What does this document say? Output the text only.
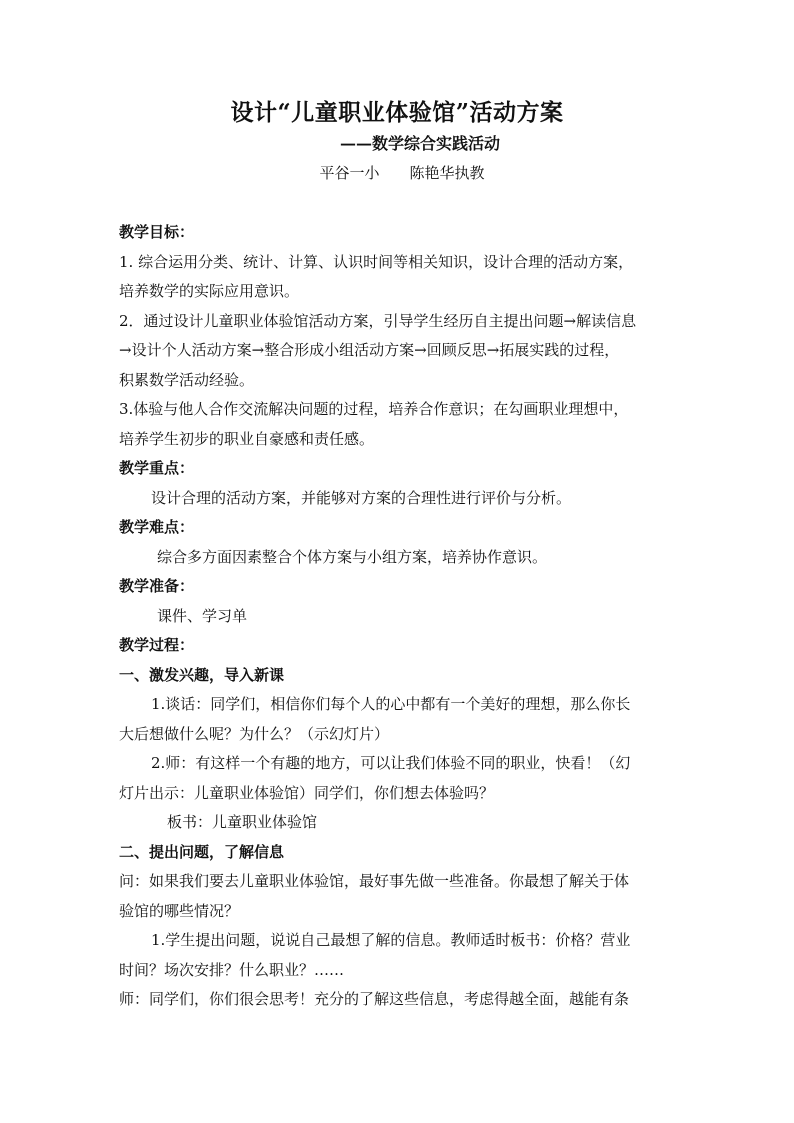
设计“儿童职业体验馆”活动方案
——数学综合实践活动
平谷一小 陈艳华执教
教学目标：
1. 综合运用分类、统计、计算、认识时间等相关知识，设计合理的活动方案，
培养数学的实际应用意识。
2．通过设计儿童职业体验馆活动方案，引导学生经历自主提出问题→解读信息
→设计个人活动方案→整合形成小组活动方案→回顾反思→拓展实践的过程，
积累数学活动经验。
3.体验与他人合作交流解决问题的过程，培养合作意识；在勾画职业理想中，
培养学生初步的职业自豪感和责任感。
教学重点：
设计合理的活动方案，并能够对方案的合理性进行评价与分析。
教学难点：
综合多方面因素整合个体方案与小组方案，培养协作意识。
教学准备：
课件、学习单
教学过程：
一、激发兴趣，导入新课
1.谈话：同学们，相信你们每个人的心中都有一个美好的理想，那么你长
大后想做什么呢？为什么？（示幻灯片）
2.师：有这样一个有趣的地方，可以让我们体验不同的职业，快看！（幻
灯片出示：儿童职业体验馆）同学们，你们想去体验吗？
板书：儿童职业体验馆
二、提出问题，了解信息
问：如果我们要去儿童职业体验馆，最好事先做一些准备。你最想了解关于体
验馆的哪些情况？
1.学生提出问题，说说自己最想了解的信息。教师适时板书：价格？营业
时间？场次安排？什么职业？……
师：同学们，你们很会思考！充分的了解这些信息，考虑得越全面，越能有条
